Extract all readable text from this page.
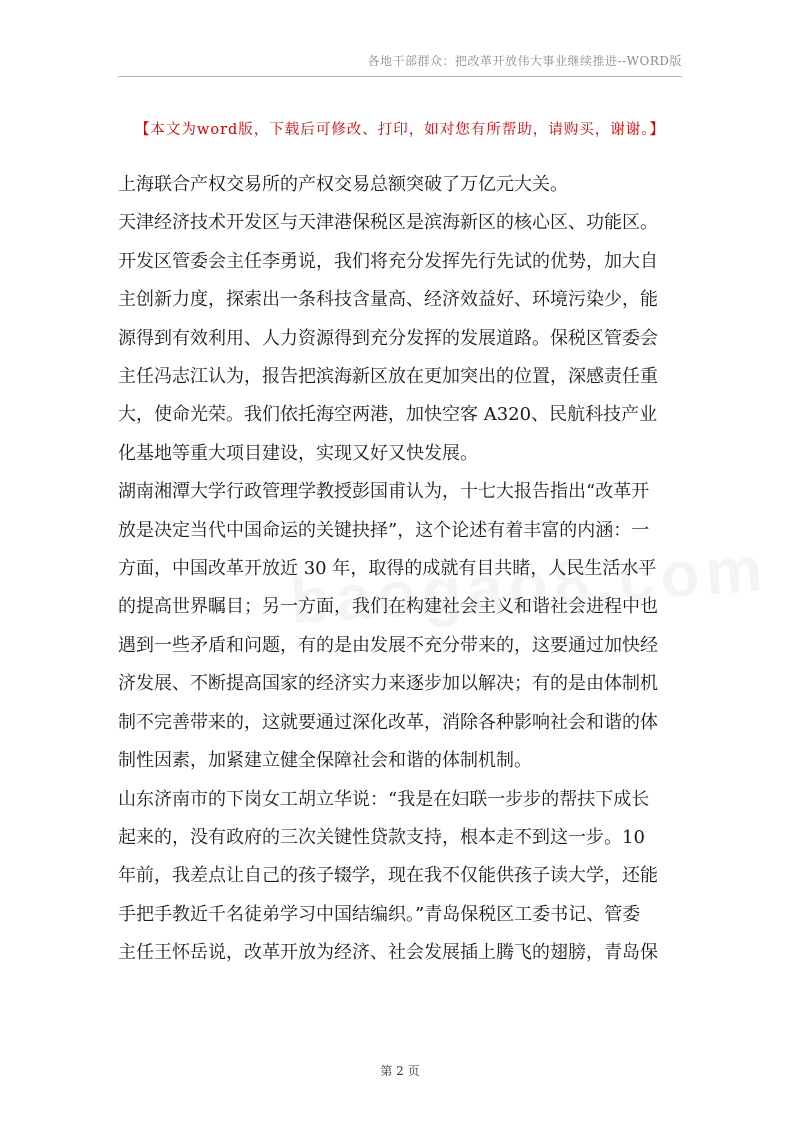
各地干部群众：把改革开放伟大事业继续推进--WORD版
【本文为word版，下载后可修改、打印，如对您有所帮助，请购买，谢谢。】

上海联合产权交易所的产权交易总额突破了万亿元大关。

天津经济技术开发区与天津港保税区是滨海新区的核心区、功能区。
开发区管委会主任李勇说，我们将充分发挥先行先试的优势，加大自
主创新力度，探索出一条科技含量高、经济效益好、环境污染少，能
源得到有效利用、人力资源得到充分发挥的发展道路。保税区管委会
主任冯志江认为，报告把滨海新区放在更加突出的位置，深感责任重
大，使命光荣。我们依托海空两港，加快空客 A320、民航科技产业
化基地等重大项目建设，实现又好又快发展。

湖南湘潭大学行政管理学教授彭国甫认为，十七大报告指出“改革开
放是决定当代中国命运的关键抉择”，这个论述有着丰富的内涵：一
方面，中国改革开放近 30 年，取得的成就有目共睹，人民生活水平
的提高世界瞩目；另一方面，我们在构建社会主义和谐社会进程中也
遇到一些矛盾和问题，有的是由发展不充分带来的，这要通过加快经
济发展、不断提高国家的经济实力来逐步加以解决；有的是由体制机
制不完善带来的，这就要通过深化改革，消除各种影响社会和谐的体
制性因素，加紧建立健全保障社会和谐的体制机制。

山东济南市的下岗女工胡立华说：“我是在妇联一步步的帮扶下成长
起来的，没有政府的三次关键性贷款支持，根本走不到这一步。10
年前，我差点让自己的孩子辍学，现在我不仅能供孩子读大学，还能
手把手教近千名徒弟学习中国结编织。”青岛保税区工委书记、管委
主任王怀岳说，改革开放为经济、社会发展插上腾飞的翅膀，青岛保

第 2 页
